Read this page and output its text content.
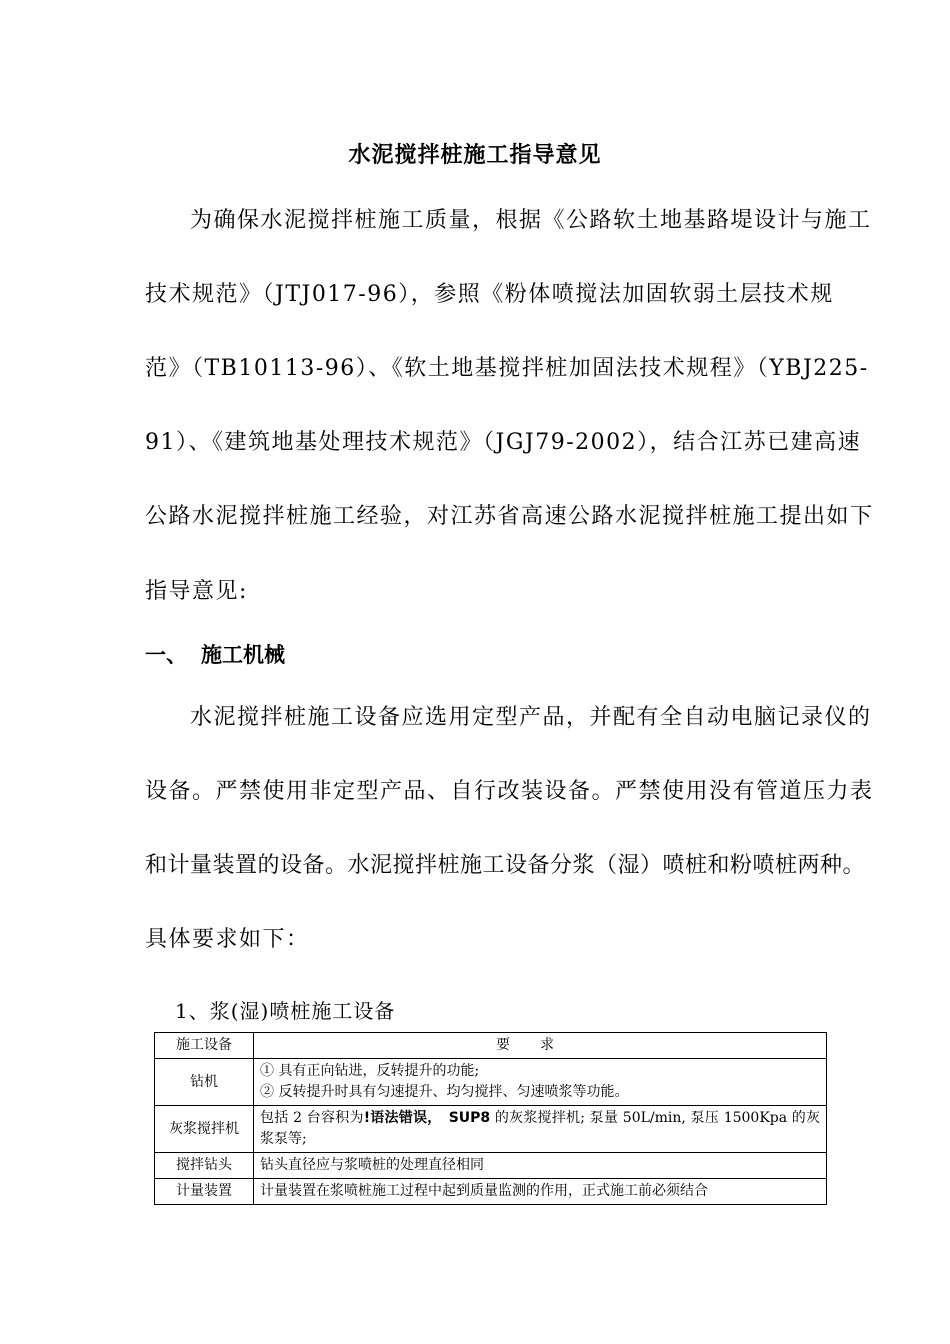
水泥搅拌桩施工指导意见
为确保水泥搅拌桩施工质量，根据《公路软土地基路堤设计与施工
技术规范》（JTJ017-96），参照《粉体喷搅法加固软弱土层技术规
范》（TB10113-96）、《软土地基搅拌桩加固法技术规程》（YBJ225-
91）、《建筑地基处理技术规范》（JGJ79-2002），结合江苏已建高速
公路水泥搅拌桩施工经验，对江苏省高速公路水泥搅拌桩施工提出如下
指导意见:
一、 施工机械
水泥搅拌桩施工设备应选用定型产品，并配有全自动电脑记录仪的
设备。严禁使用非定型产品、自行改装设备。严禁使用没有管道压力表
和计量装置的设备。水泥搅拌桩施工设备分浆（湿）喷桩和粉喷桩两种。
具体要求如下：
1、浆(湿)喷桩施工设备
施工设备	要求
钻机	① 具有正向钻进，反转提升的功能;
② 反转提升时具有匀速提升、均匀搅拌、匀速喷浆等功能。

灰浆搅拌机	包括 2 台容积为!语法错误，　SUP8 的灰浆搅拌机; 泵量 50L/min, 泵压 1500Kpa 的灰浆泵等;
搅拌钻头	钻头直径应与浆喷桩的处理直径相同
计量装置	计量装置在浆喷桩施工过程中起到质量监测的作用，正式施工前必须结合
